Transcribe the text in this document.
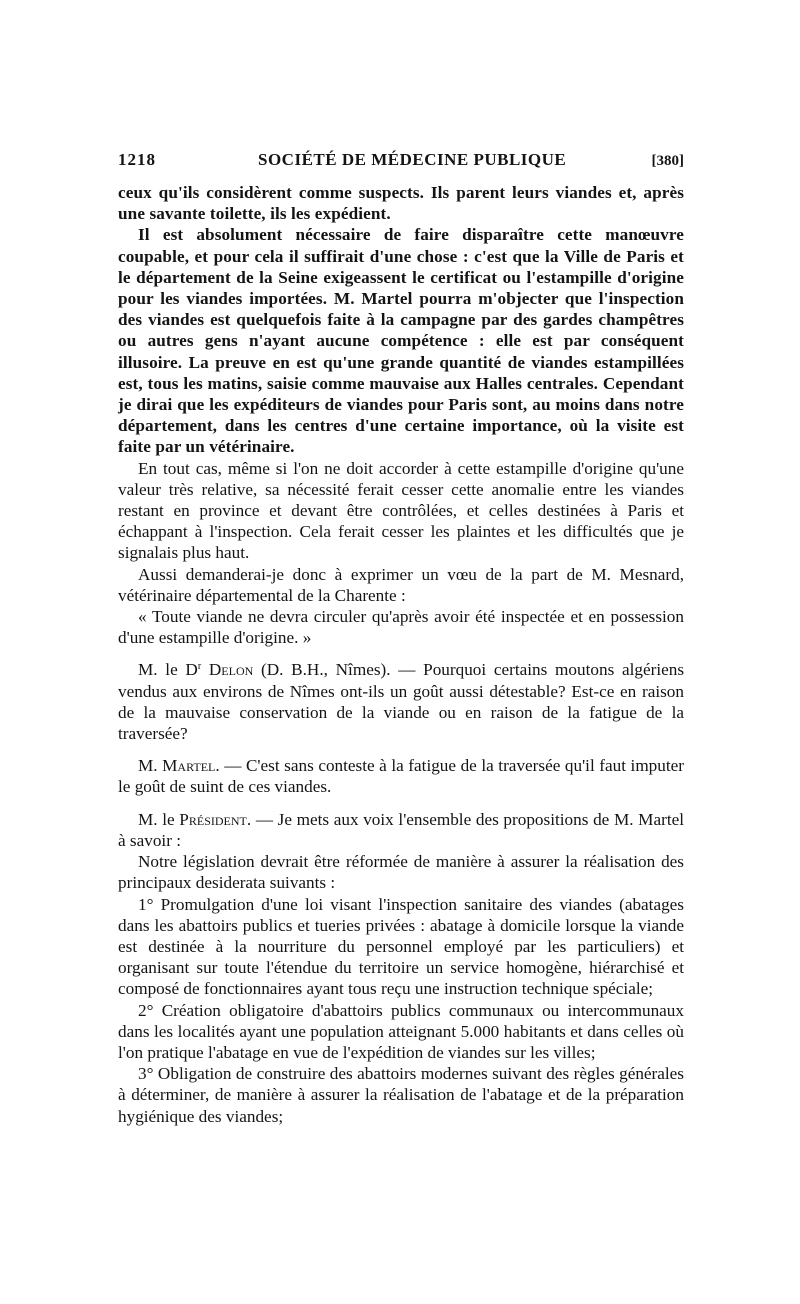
1218	SOCIÉTÉ DE MÉDECINE PUBLIQUE	[380]

ceux qu'ils considèrent comme suspects. Ils parent leurs viandes et, après une savante toilette, ils les expédient.

Il est absolument nécessaire de faire disparaître cette manœuvre coupable, et pour cela il suffirait d'une chose : c'est que la Ville de Paris et le département de la Seine exigeassent le certificat ou l'estampille d'origine pour les viandes importées. M. Martel pourra m'objecter que l'inspection des viandes est quelquefois faite à la campagne par des gardes champêtres ou autres gens n'ayant aucune compétence : elle est par conséquent illusoire. La preuve en est qu'une grande quantité de viandes estampillées est, tous les matins, saisie comme mauvaise aux Halles centrales. Cependant je dirai que les expéditeurs de viandes pour Paris sont, au moins dans notre département, dans les centres d'une certaine importance, où la visite est faite par un vétérinaire.

En tout cas, même si l'on ne doit accorder à cette estampille d'origine qu'une valeur très relative, sa nécessité ferait cesser cette anomalie entre les viandes restant en province et devant être contrôlées, et celles destinées à Paris et échappant à l'inspection. Cela ferait cesser les plaintes et les difficultés que je signalais plus haut.

Aussi demanderai-je donc à exprimer un vœu de la part de M. Mesnard, vétérinaire départemental de la Charente :

« Toute viande ne devra circuler qu'après avoir été inspectée et en possession d'une estampille d'origine. »

M. le $D^r$ Delon (D. B.H., Nîmes). — Pourquoi certains moutons algériens vendus aux environs de Nîmes ont-ils un goût aussi détestable? Est-ce en raison de la mauvaise conservation de la viande ou en raison de la fatigue de la traversée?

M. Martel. — C'est sans conteste à la fatigue de la traversée qu'il faut imputer le goût de suint de ces viandes.

M. le Président. — Je mets aux voix l'ensemble des propositions de M. Martel à savoir :

Notre législation devrait être réformée de manière à assurer la réalisation des principaux desiderata suivants :

1° Promulgation d'une loi visant l'inspection sanitaire des viandes (abatages dans les abattoirs publics et tueries privées : abatage à domicile lorsque la viande est destinée à la nourriture du personnel employé par les particuliers) et organisant sur toute l'étendue du territoire un service homogène, hiérarchisé et composé de fonctionnaires ayant tous reçu une instruction technique spéciale;

2° Création obligatoire d'abattoirs publics communaux ou intercommunaux dans les localités ayant une population atteignant 5.000 habitants et dans celles où l'on pratique l'abatage en vue de l'expédition de viandes sur les villes;

3° Obligation de construire des abattoirs modernes suivant des règles générales à déterminer, de manière à assurer la réalisation de l'abatage et de la préparation hygiénique des viandes;
